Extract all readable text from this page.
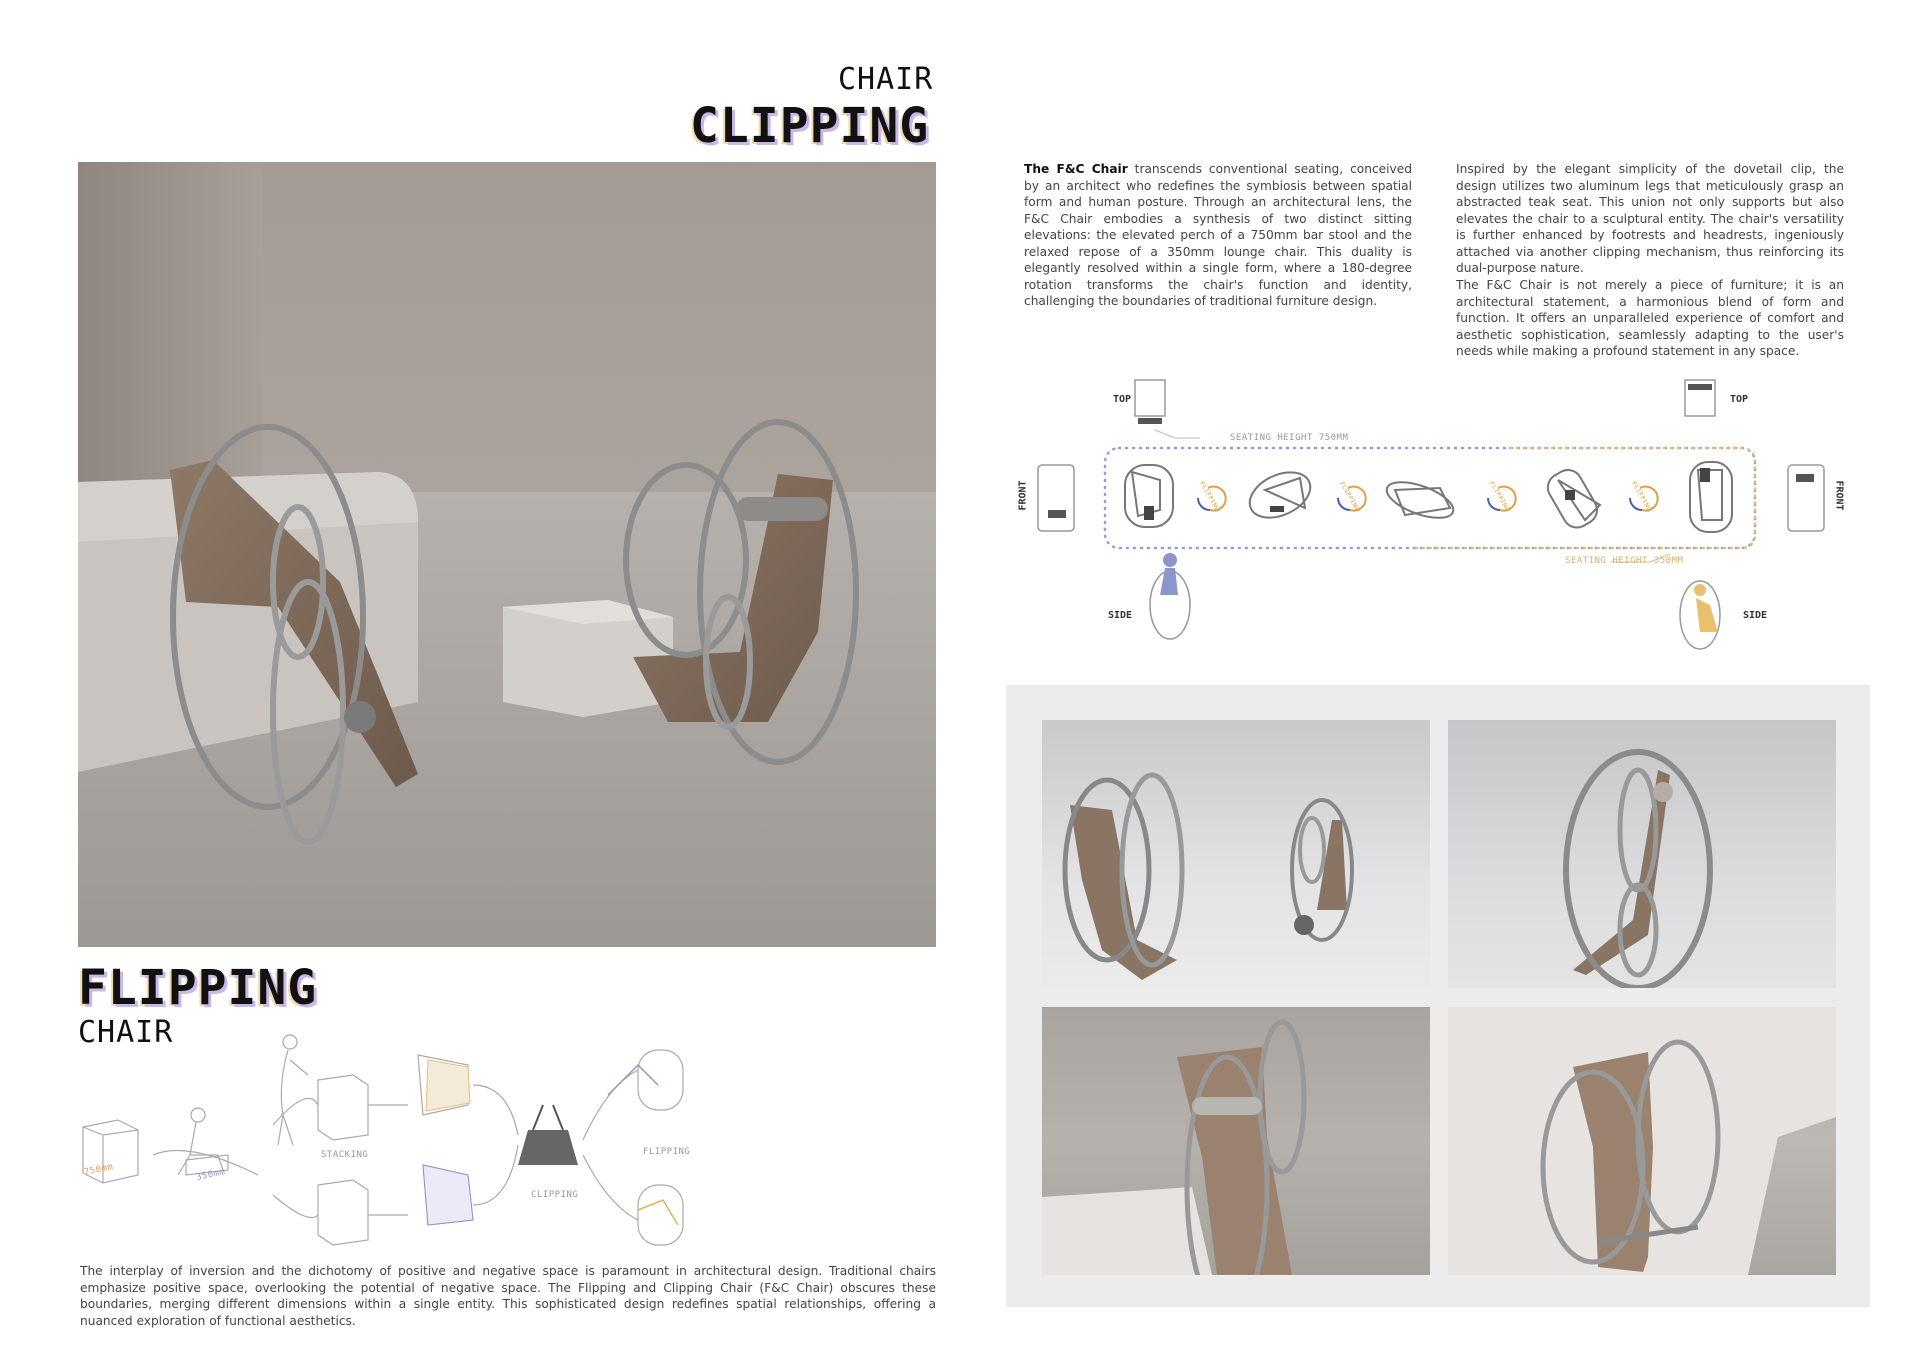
CHAIR
CLIPPING
FLIPPING
CHAIR
The F&C Chair transcends conventional seating, conceived by an architect who redefines the symbiosis between spatial form and human posture. Through an architectural lens, the F&C Chair embodies a synthesis of two distinct sitting elevations: the elevated perch of a 750mm bar stool and the relaxed repose of a 350mm lounge chair. This duality is elegantly resolved within a single form, where a 180-degree rotation transforms the chair's function and identity, challenging the boundaries of traditional furniture design.
Inspired by the elegant simplicity of the dovetail clip, the design utilizes two aluminum legs that meticulously grasp an abstracted teak seat. This union not only supports but also elevates the chair to a sculptural entity. The chair's versatility is further enhanced by footrests and headrests, ingeniously attached via another clipping mechanism, thus reinforcing its dual-purpose nature.
The F&C Chair is not merely a piece of furniture; it is an architectural statement, a harmonious blend of form and function. It offers an unparalleled experience of comfort and aesthetic sophistication, seamlessly adapting to the user's needs while making a profound statement in any space.
TOP	TOP
FRONT	FRONT
SIDE	SIDE
SEATING HEIGHT 750MM
SEATING HEIGHT 350MM
FLIPPING	FLIPPING	FLIPPING	FLIPPING
750mm	350mm
STACKING
CLIPPING
FLIPPING
The interplay of inversion and the dichotomy of positive and negative space is paramount in architectural design. Traditional chairs emphasize positive space, overlooking the potential of negative space. The Flipping and Clipping Chair (F&C Chair) obscures these boundaries, merging different dimensions within a single entity. This sophisticated design redefines spatial relationships, offering a nuanced exploration of functional aesthetics.
